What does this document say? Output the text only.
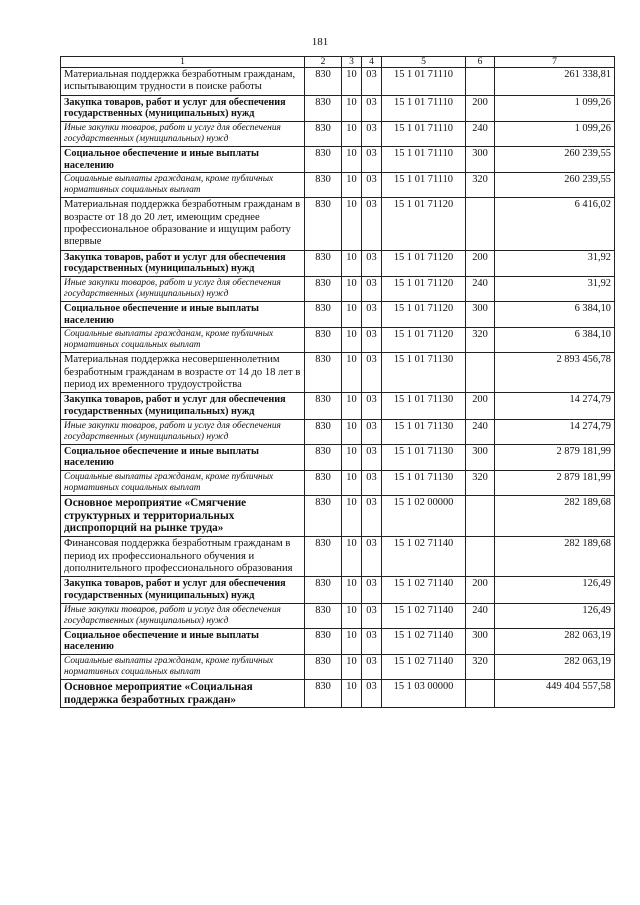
181
1	2	3	4	5	6	7
Материальная поддержка безработным гражданам, испытывающим трудности в поиске работы	830	10	03	15 1 01 71110		261 338,81
Закупка товаров, работ и услуг для обеспечения государственных (муниципальных) нужд	830	10	03	15 1 01 71110	200	1 099,26
Иные закупки товаров, работ и услуг для обеспечения государственных (муниципальных) нужд	830	10	03	15 1 01 71110	240	1 099,26
Социальное обеспечение и иные выплаты населению	830	10	03	15 1 01 71110	300	260 239,55
Социальные выплаты гражданам, кроме публичных нормативных социальных выплат	830	10	03	15 1 01 71110	320	260 239,55
Материальная поддержка безработным гражданам в возрасте от 18 до 20 лет, имеющим среднее профессиональное образование и ищущим работу впервые	830	10	03	15 1 01 71120		6 416,02
Закупка товаров, работ и услуг для обеспечения государственных (муниципальных) нужд	830	10	03	15 1 01 71120	200	31,92
Иные закупки товаров, работ и услуг для обеспечения государственных (муниципальных) нужд	830	10	03	15 1 01 71120	240	31,92
Социальное обеспечение и иные выплаты населению	830	10	03	15 1 01 71120	300	6 384,10
Социальные выплаты гражданам, кроме публичных нормативных социальных выплат	830	10	03	15 1 01 71120	320	6 384,10
Материальная поддержка несовершеннолетним безработным гражданам в возрасте от 14 до 18 лет в период их временного трудоустройства	830	10	03	15 1 01 71130		2 893 456,78
Закупка товаров, работ и услуг для обеспечения государственных (муниципальных) нужд	830	10	03	15 1 01 71130	200	14 274,79
Иные закупки товаров, работ и услуг для обеспечения государственных (муниципальных) нужд	830	10	03	15 1 01 71130	240	14 274,79
Социальное обеспечение и иные выплаты населению	830	10	03	15 1 01 71130	300	2 879 181,99
Социальные выплаты гражданам, кроме публичных нормативных социальных выплат	830	10	03	15 1 01 71130	320	2 879 181,99
Основное мероприятие «Смягчение структурных и территориальных диспропорций на рынке труда»	830	10	03	15 1 02 00000		282 189,68
Финансовая поддержка безработным гражданам в период их профессионального обучения и дополнительного профессионального образования	830	10	03	15 1 02 71140		282 189,68
Закупка товаров, работ и услуг для обеспечения государственных (муниципальных) нужд	830	10	03	15 1 02 71140	200	126,49
Иные закупки товаров, работ и услуг для обеспечения государственных (муниципальных) нужд	830	10	03	15 1 02 71140	240	126,49
Социальное обеспечение и иные выплаты населению	830	10	03	15 1 02 71140	300	282 063,19
Социальные выплаты гражданам, кроме публичных нормативных социальных выплат	830	10	03	15 1 02 71140	320	282 063,19
Основное мероприятие «Социальная поддержка безработных граждан»	830	10	03	15 1 03 00000		449 404 557,58
